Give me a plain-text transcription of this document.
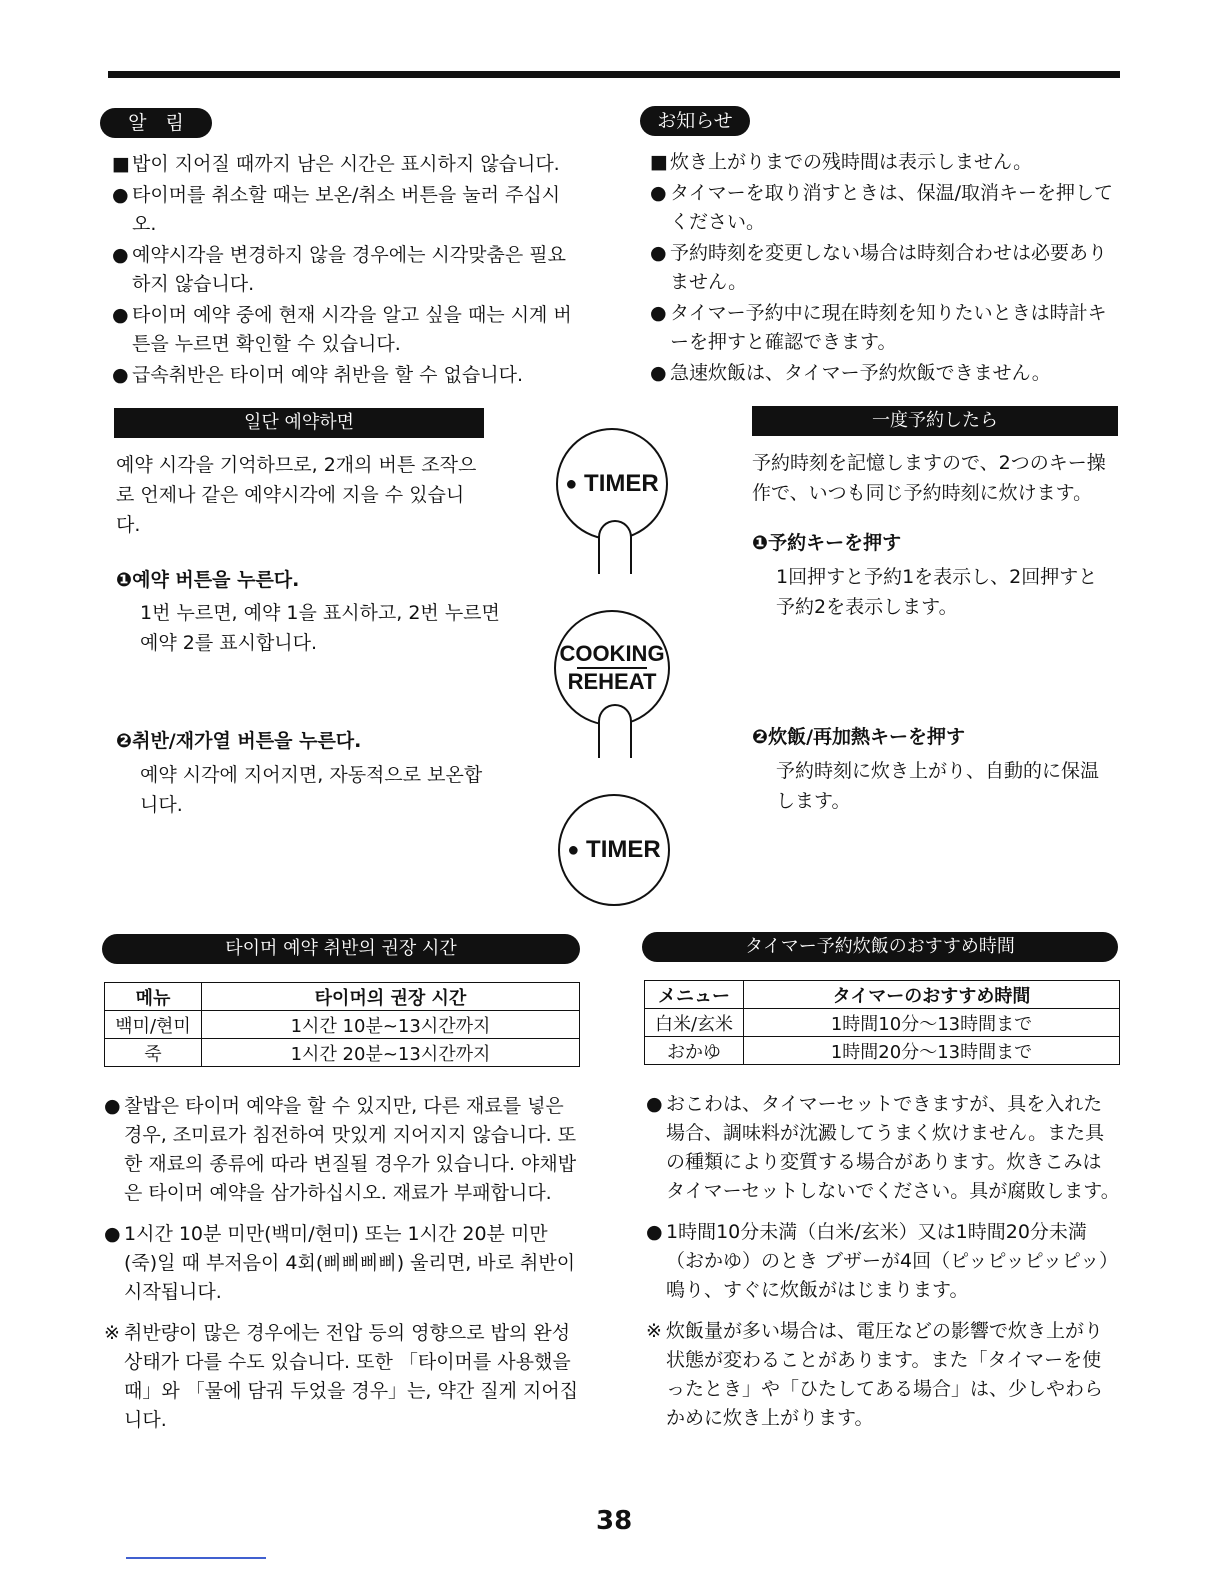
알　림
■ 밥이 지어질 때까지 남은 시간은 표시하지 않습니다.
● 타이머를 취소할 때는 보온/취소 버튼을 눌러 주십시오.
● 예약시각을 변경하지 않을 경우에는 시각맞춤은 필요하지 않습니다.
● 타이머 예약 중에 현재 시각을 알고 싶을 때는 시계 버튼을 누르면 확인할 수 있습니다.
● 급속취반은 타이머 예약 취반을 할 수 없습니다.
お知らせ
■ 炊き上がりまでの残時間は表示しません。
● タイマーを取り消すときは、保温/取消キーを押してください。
● 予約時刻を変更しない場合は時刻合わせは必要ありません。
● タイマー予約中に現在時刻を知りたいときは時計キーを押すと確認できます。
● 急速炊飯は、タイマー予約炊飯できません。
일단 예약하면
예약 시각을 기억하므로, 2개의 버튼 조작으로 언제나 같은 예약시각에 지을 수 있습니다.
❶예약 버튼을 누른다.
1번 누르면, 예약 1을 표시하고, 2번 누르면 예약 2를 표시합니다.
❷취반/재가열 버튼을 누른다.
예약 시각에 지어지면, 자동적으로 보온합니다.
一度予約したら
予約時刻を記憶しますので、2つのキー操作で、いつも同じ予約時刻に炊けます。
❶予約キーを押す
1回押すと予約1を表示し、2回押すと予約2を表示します。
❷炊飯/再加熱キーを押す
予約時刻に炊き上がり、自動的に保温します。
●
TIMER
COOKING
REHEAT
●
TIMER
타이머 예약 취반의 권장 시간
메뉴	타이머의 권장 시간
백미/현미	1시간 10분~13시간까지
죽	1시간 20분~13시간까지
タイマー予約炊飯のおすすめ時間
メニュー	タイマーのおすすめ時間
白米/玄米	1時間10分～13時間まで
おかゆ	1時間20分～13時間まで
● 찰밥은 타이머 예약을 할 수 있지만, 다른 재료를 넣은 경우, 조미료가 침전하여 맛있게 지어지지 않습니다. 또한 재료의 종류에 따라 변질될 경우가 있습니다. 야채밥은 타이머 예약을 삼가하십시오. 재료가 부패합니다.
● 1시간 10분 미만(백미/현미) 또는 1시간 20분 미만(죽)일 때 부저음이 4회(삐삐삐삐) 울리면, 바로 취반이 시작됩니다.
※ 취반량이 많은 경우에는 전압 등의 영향으로 밥의 완성상태가 다를 수도 있습니다. 또한 「타이머를 사용했을 때」와 「물에 담궈 두었을 경우」는, 약간 질게 지어집니다.
● おこわは、タイマーセットできますが、具を入れた場合、調味料が沈澱してうまく炊けません。また具の種類により変質する場合があります。炊きこみはタイマーセットしないでください。具が腐敗します。
● 1時間10分未満（白米/玄米）又は1時間20分未満（おかゆ）のとき ブザーが4回（ピッピッピッピッ）鳴り、すぐに炊飯がはじまります。
※ 炊飯量が多い場合は、電圧などの影響で炊き上がり状態が変わることがあります。また「タイマーを使ったとき」や「ひたしてある場合」は、少しやわらかめに炊き上がります。
38
